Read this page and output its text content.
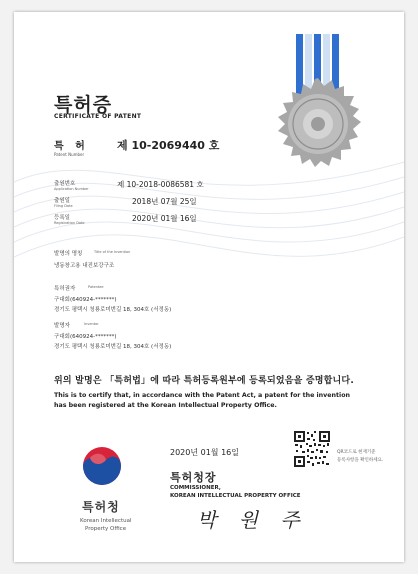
특허증
CERTIFICATE OF PATENT
특 허
Patent Number
제 10-2069440 호
출원번호
Application Number	제 10-2018-0086581 호
출원일
Filing Date	2018년 07월 25일
등록일
Registration Date	2020년 01월 16일
발명의 명칭	Title of the Invention
냉동창고용 내진보강구조
특허권자	Patentee
구대회(640924-*******)
경기도 평택시 청룡로미번길 18, 304호 (서정동)
발명자	Inventor
구대회(640924-*******)
경기도 평택시 청룡로미번길 18, 304호 (서정동)
위의 발명은 「특허법」에 따라 특허등록원부에 등록되었음을 증명합니다.
This is to certify that, in accordance with the Patent Act, a patent for the invention
has been registered at the Korean Intellectual Property Office.
특허청
Korean Intellectual
Property Office
2020년 01월 16일
특허청장
COMMISSIONER,
KOREAN INTELLECTUAL PROPERTY OFFICE
박 원 주
QR코드로 현재기준
등록사항을 확인하세요.
